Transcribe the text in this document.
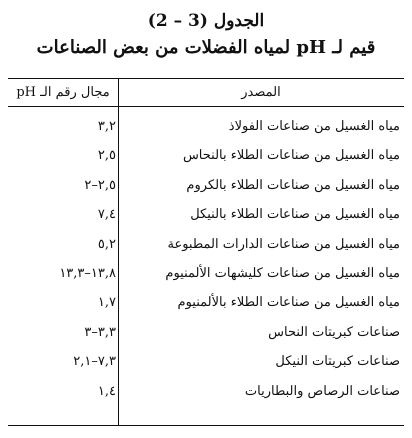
الجدول (3 – 2)
قيم لـ pH لمياه الفضلات من بعض الصناعات
المصدر
مجال رقم الـ pH
مياه الغسيل من صناعات الفولاذ
٣,٢
مياه الغسيل من صناعات الطلاء بالنحاس
٢,٥
مياه الغسيل من صناعات الطلاء بالكروم
٢,٥–٢
مياه الغسيل من صناعات الطلاء بالنيكل
٧,٤
مياه الغسيل من صناعات الدارات المطبوعة
٥,٢
مياه الغسيل من صناعات كليشهات الألمنيوم
١٣,٨–١٣,٣
مياه الغسيل من صناعات الطلاء بالألمنيوم
١,٧
صناعات كبريتات النحاس
٣,٣–٣
صناعات كبريتات النيكل
٧,٣–٢,١
صناعات الرصاص والبطاريات
١,٤
